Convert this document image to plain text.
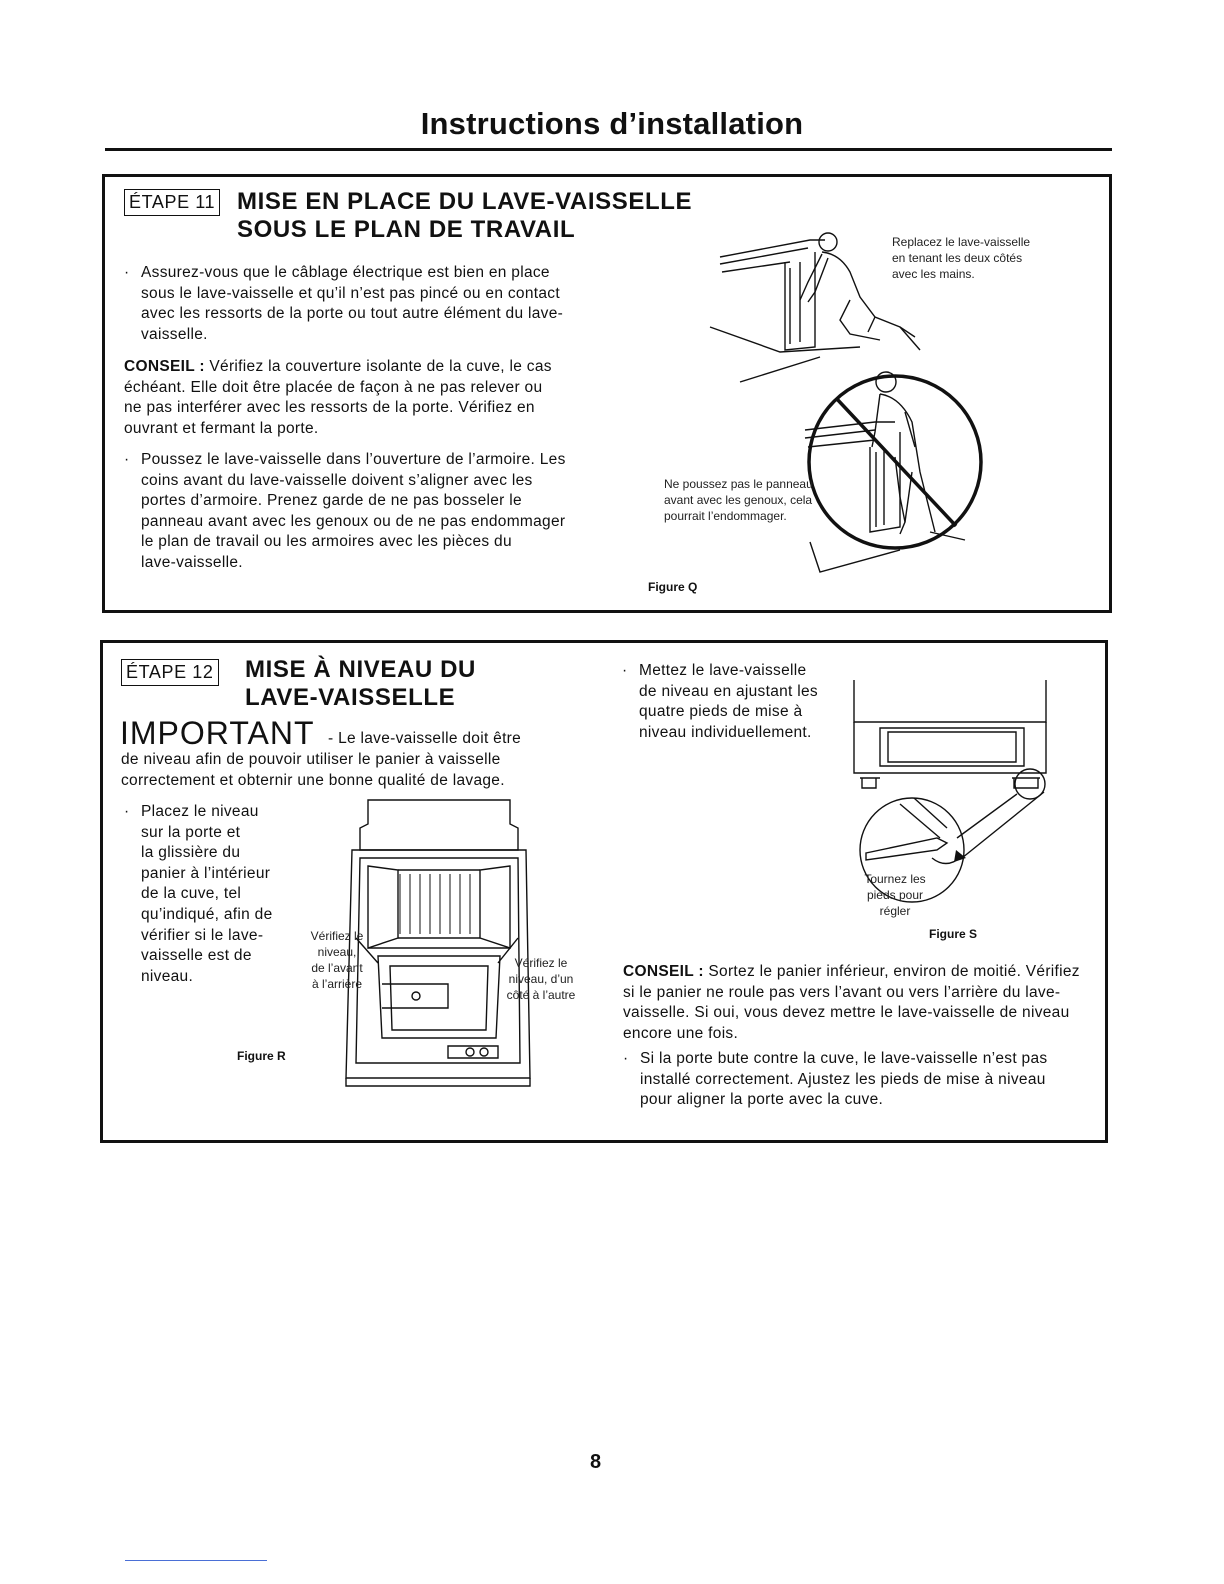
Instructions d’installation
ÉTAPE 11 MISE EN PLACE DU LAVE-VAISSELLE
SOUS LE PLAN DE TRAVAIL
· Assurez-vous que le câblage électrique est bien en place
sous le lave-vaisselle et qu’il n’est pas pincé ou en contact
avec les ressorts de la porte ou tout autre élément du lave-
vaisselle.
CONSEIL : Vérifiez la couverture isolante de la cuve, le cas
échéant. Elle doit être placée de façon à ne pas relever ou
ne pas interférer avec les ressorts de la porte. Vérifiez en
ouvrant et fermant la porte.
· Poussez le lave-vaisselle dans l’ouverture de l’armoire. Les
coins avant du lave-vaisselle doivent s’aligner avec les
portes d’armoire. Prenez garde de ne pas bosseler le
panneau avant avec les genoux ou de ne pas endommager
le plan de travail ou les armoires avec les pièces du
lave-vaisselle.
Replacez le lave-vaisselle
en tenant les deux côtés
avec les mains.
Ne poussez pas le panneau
avant avec les genoux, cela
pourrait l’endommager.
Figure Q
ÉTAPE 12 MISE À NIVEAU DU
LAVE-VAISSELLE
IMPORTANT - Le lave-vaisselle doit être
de niveau afin de pouvoir utiliser le panier à vaisselle
correctement et obternir une bonne qualité de lavage.
· Placez le niveau
sur la porte et
la glissière du
panier à l’intérieur
de la cuve, tel
qu’indiqué, afin de
vérifier si le lave-
vaisselle est de
niveau.
Vérifiez le
niveau,
de l’avant
à l’arrière
Vérifiez le
niveau, d’un
côté à l’autre
Figure R
· Mettez le lave-vaisselle
de niveau en ajustant les
quatre pieds de mise à
niveau individuellement.
Tournez les
pieds pour
régler
Figure S
CONSEIL : Sortez le panier inférieur, environ de moitié. Vérifiez
si le panier ne roule pas vers l’avant ou vers l’arrière du lave-
vaisselle. Si oui, vous devez mettre le lave-vaisselle de niveau
encore une fois.
· Si la porte bute contre la cuve, le lave-vaisselle n’est pas
installé correctement. Ajustez les pieds de mise à niveau
pour aligner la porte avec la cuve.
8
